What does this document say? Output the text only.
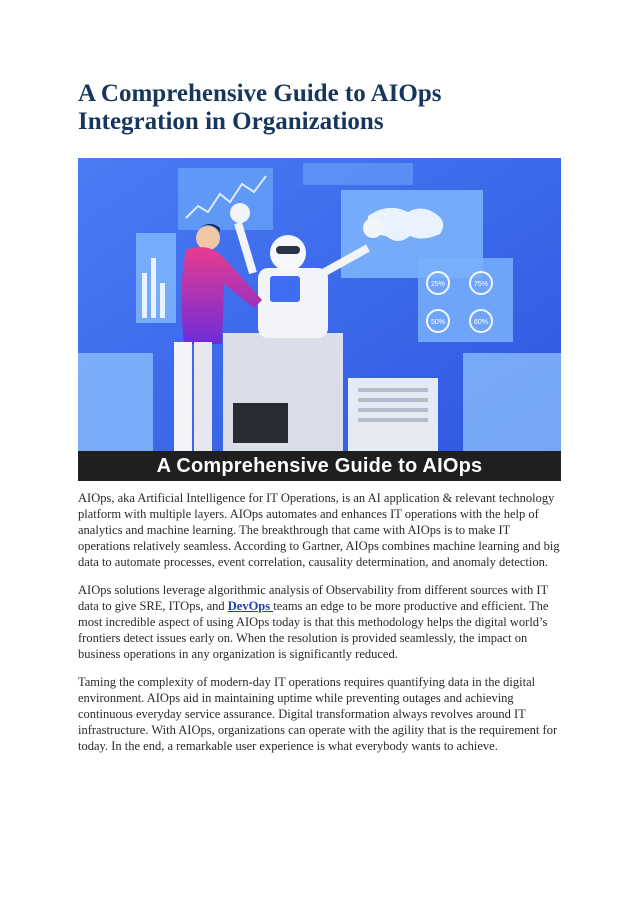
A Comprehensive Guide to AIOps Integration in Organizations
25%	75%
50%	60%
A Comprehensive Guide to AIOps

AIOps, aka Artificial Intelligence for IT Operations, is an AI application & relevant technology platform with multiple layers. AIOps automates and enhances IT operations with the help of analytics and machine learning. The breakthrough that came with AIOps is to make IT operations relatively seamless. According to Gartner, AIOps combines machine learning and big data to automate processes, event correlation, causality determination, and anomaly detection.

AIOps solutions leverage algorithmic analysis of Observability from different sources with IT data to give SRE, ITOps, and DevOps teams an edge to be more productive and efficient. The most incredible aspect of using AIOps today is that this methodology helps the digital world’s frontiers detect issues early on. When the resolution is provided seamlessly, the impact on business operations in any organization is significantly reduced.

Taming the complexity of modern-day IT operations requires quantifying data in the digital environment. AIOps aid in maintaining uptime while preventing outages and achieving continuous everyday service assurance. Digital transformation always revolves around IT infrastructure. With AIOps, organizations can operate with the agility that is the requirement for today. In the end, a remarkable user experience is what everybody wants to achieve.
